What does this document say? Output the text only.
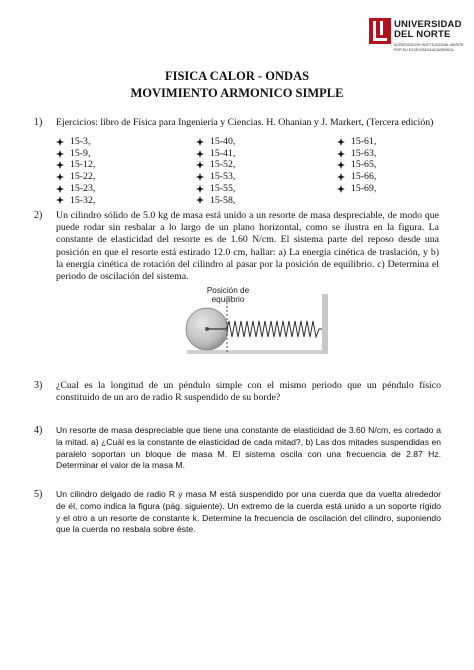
UNIVERSIDAD
DEL NORTE
ACREDITACIÓN INSTITUCIONAL MERITE
POR SU EXCELENCIA ACADÉMICA
FISICA CALOR - ONDAS
MOVIMIENTO ARMONICO SIMPLE
1) Ejercicios: libro de Física para Ingeniería y Ciencias. H. Ohanian y J. Markert, (Tercera edición)
15-3,
15-9,
15-12,
15-22,
15-23,
15-32,
15-40,
15-41,
15-52,
15-53,
15-55,
15-58,
15-61,
15-63,
15-65,
15-66,
15-69,
2) Un cilindro sólido de 5.0 kg de masa está unido a un resorte de masa despreciable, de modo que puede rodar sin resbalar a lo largo de un plano horizontal, como se ilustra en la figura. La constante de elasticidad del resorte es de 1.60 N/cm. El sistema parte del reposo desde una posición en que el resorte está estirado 12.0 cm, hallar: a) La energía cinética de traslación, y b) la energía cinética de rotación del cilindro al pasar por la posición de equilibrio. c) Determina el periodo de oscilación del sistema.
Posición de
equilibrio
3) ¿Cual es la longitud de un péndulo simple con el mismo periodo que un péndulo físico constituido de un aro de radio R suspendido de su borde?
4) Un resorte de masa despreciable que tiene una constante de elasticidad de 3.60 N/cm, es cortado a la mitad. a) ¿Cuál es la constante de elasticidad de cada mitad?, b) Las dos mitades suspendidas en paralelo soportan un bloque de masa M. El sistema oscila con una frecuencia de 2.87 Hz. Determinar el valor de la masa M.
5) Un cilindro delgado de radio R y masa M está suspendido por una cuerda que da vuelta alrededor de él, como indica la figura (pág. siguiente). Un extremo de la cuerda está unido a un soporte rígido y el otro a un resorte de constante k. Determine la frecuencia de oscilación del cilindro, suponiendo que la cuerda no resbala sobre éste.
